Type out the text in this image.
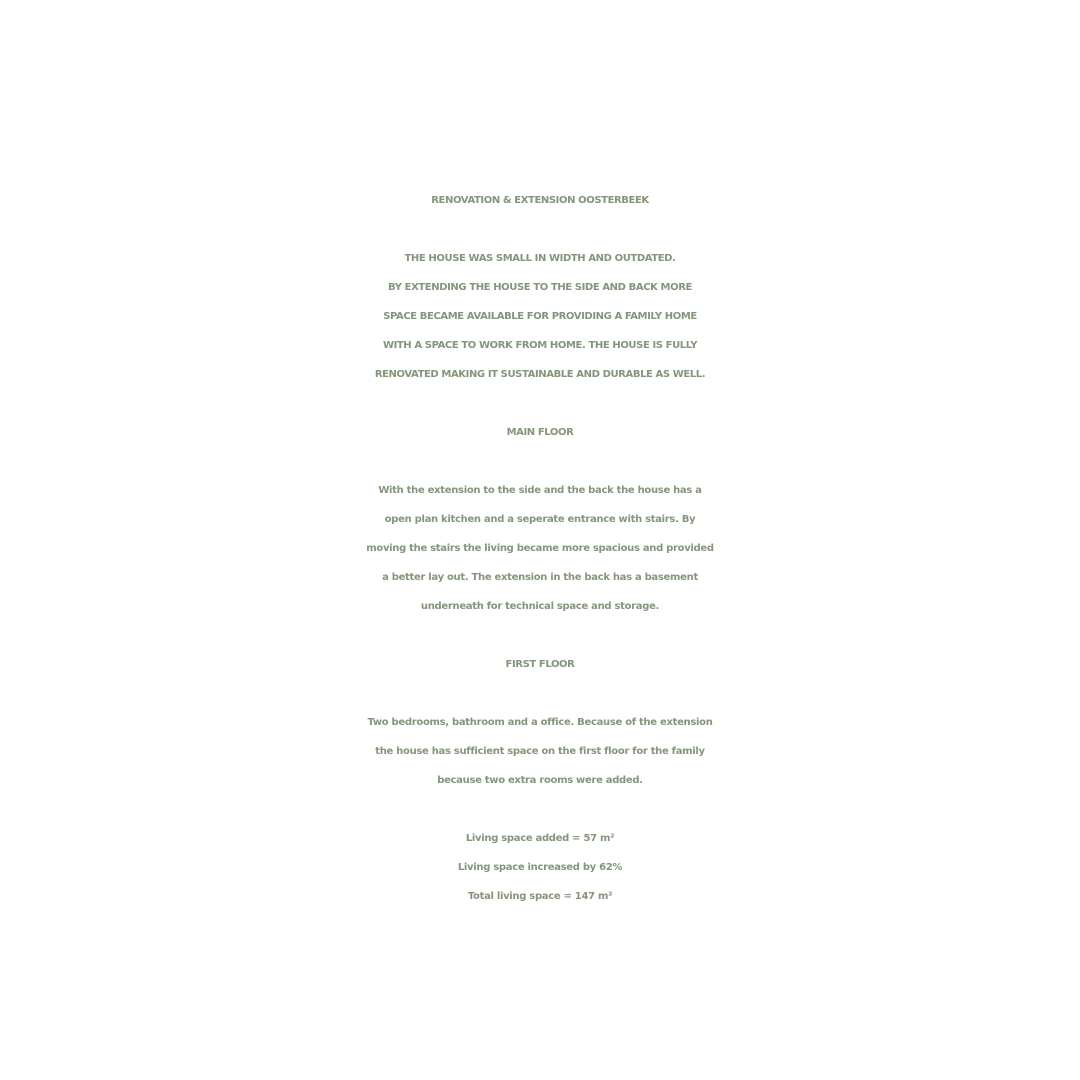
RENOVATION & EXTENSION OOSTERBEEK
THE HOUSE WAS SMALL IN WIDTH AND OUTDATED.
BY EXTENDING THE HOUSE TO THE SIDE AND BACK MORE
SPACE BECAME AVAILABLE FOR PROVIDING A FAMILY HOME
WITH A SPACE TO WORK FROM HOME. THE HOUSE IS FULLY
RENOVATED MAKING IT SUSTAINABLE AND DURABLE AS WELL.
MAIN FLOOR
With the extension to the side and the back the house has a
open plan kitchen and a seperate entrance with stairs. By
moving the stairs the living became more spacious and provided
a better lay out. The extension in the back has a basement
underneath for technical space and storage.
FIRST FLOOR
Two bedrooms, bathroom and a office. Because of the extension
the house has sufficient space on the first floor for the family
because two extra rooms were added.
Living space added = 57 m²
Living space increased by 62%
Total living space = 147 m²
